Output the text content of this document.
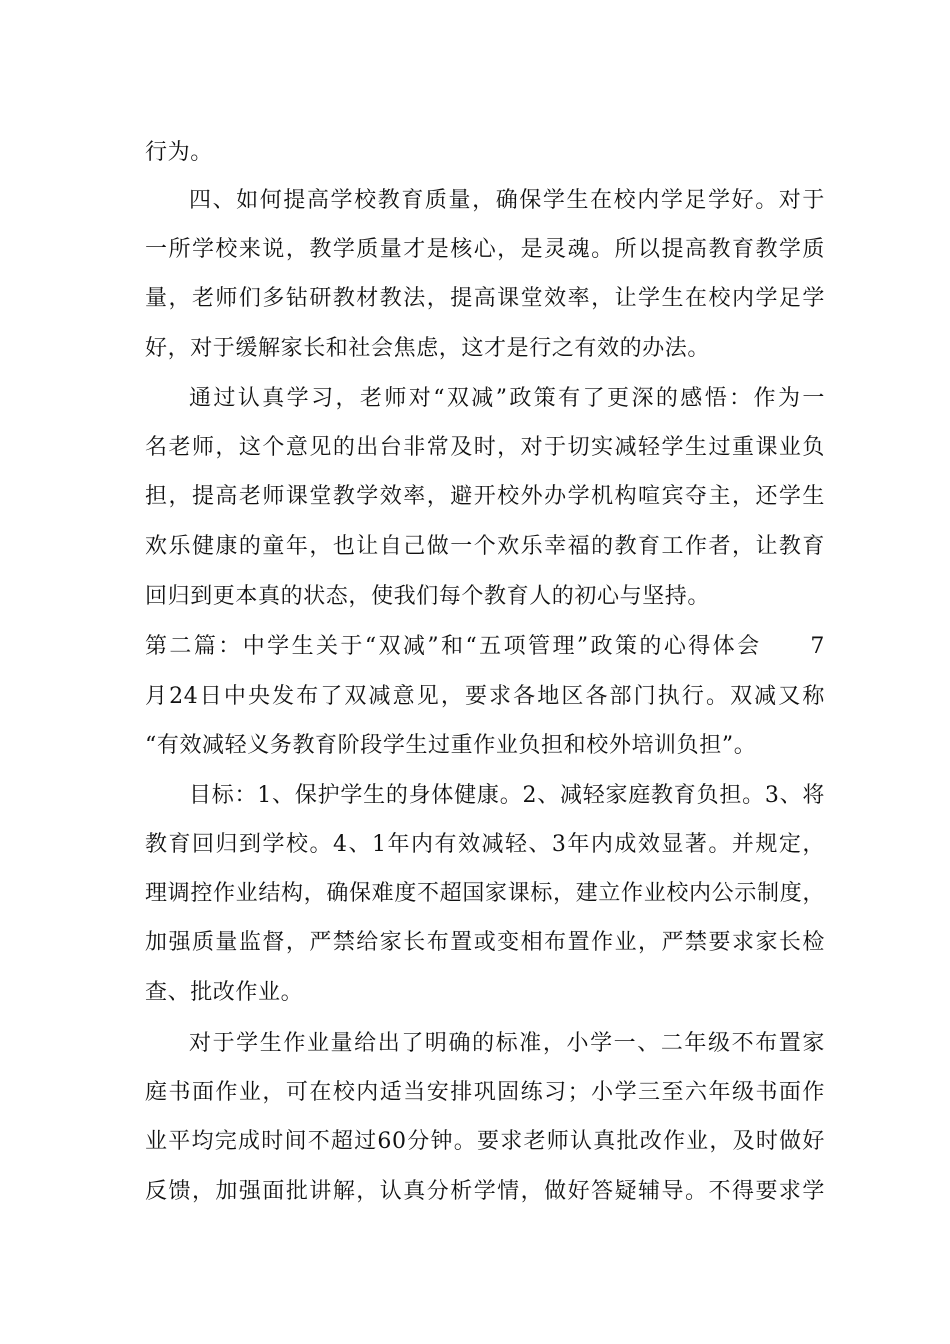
行为。
四、如何提高学校教育质量，确保学生在校内学足学好。对于
一所学校来说，教学质量才是核心，是灵魂。所以提高教育教学质
量，老师们多钻研教材教法，提高课堂效率，让学生在校内学足学
好，对于缓解家长和社会焦虑，这才是行之有效的办法。
通过认真学习，老师对“双减”政策有了更深的感悟：作为一
名老师，这个意见的出台非常及时，对于切实减轻学生过重课业负
担，提高老师课堂教学效率，避开校外办学机构喧宾夺主，还学生
欢乐健康的童年，也让自己做一个欢乐幸福的教育工作者，让教育
回归到更本真的状态，使我们每个教育人的初心与坚持。
第二篇：中学生关于“双减”和“五项管理”政策的心得体会　　7
月24日中央发布了双减意见，要求各地区各部门执行。双减又称
“有效减轻义务教育阶段学生过重作业负担和校外培训负担”。
目标：1、保护学生的身体健康。2、减轻家庭教育负担。3、将
教育回归到学校。4、1年内有效减轻、3年内成效显著。并规定，
理调控作业结构，确保难度不超国家课标，建立作业校内公示制度，
加强质量监督，严禁给家长布置或变相布置作业，严禁要求家长检
查、批改作业。
对于学生作业量给出了明确的标准，小学一、二年级不布置家
庭书面作业，可在校内适当安排巩固练习；小学三至六年级书面作
业平均完成时间不超过60分钟。要求老师认真批改作业，及时做好
反馈，加强面批讲解，认真分析学情，做好答疑辅导。不得要求学
